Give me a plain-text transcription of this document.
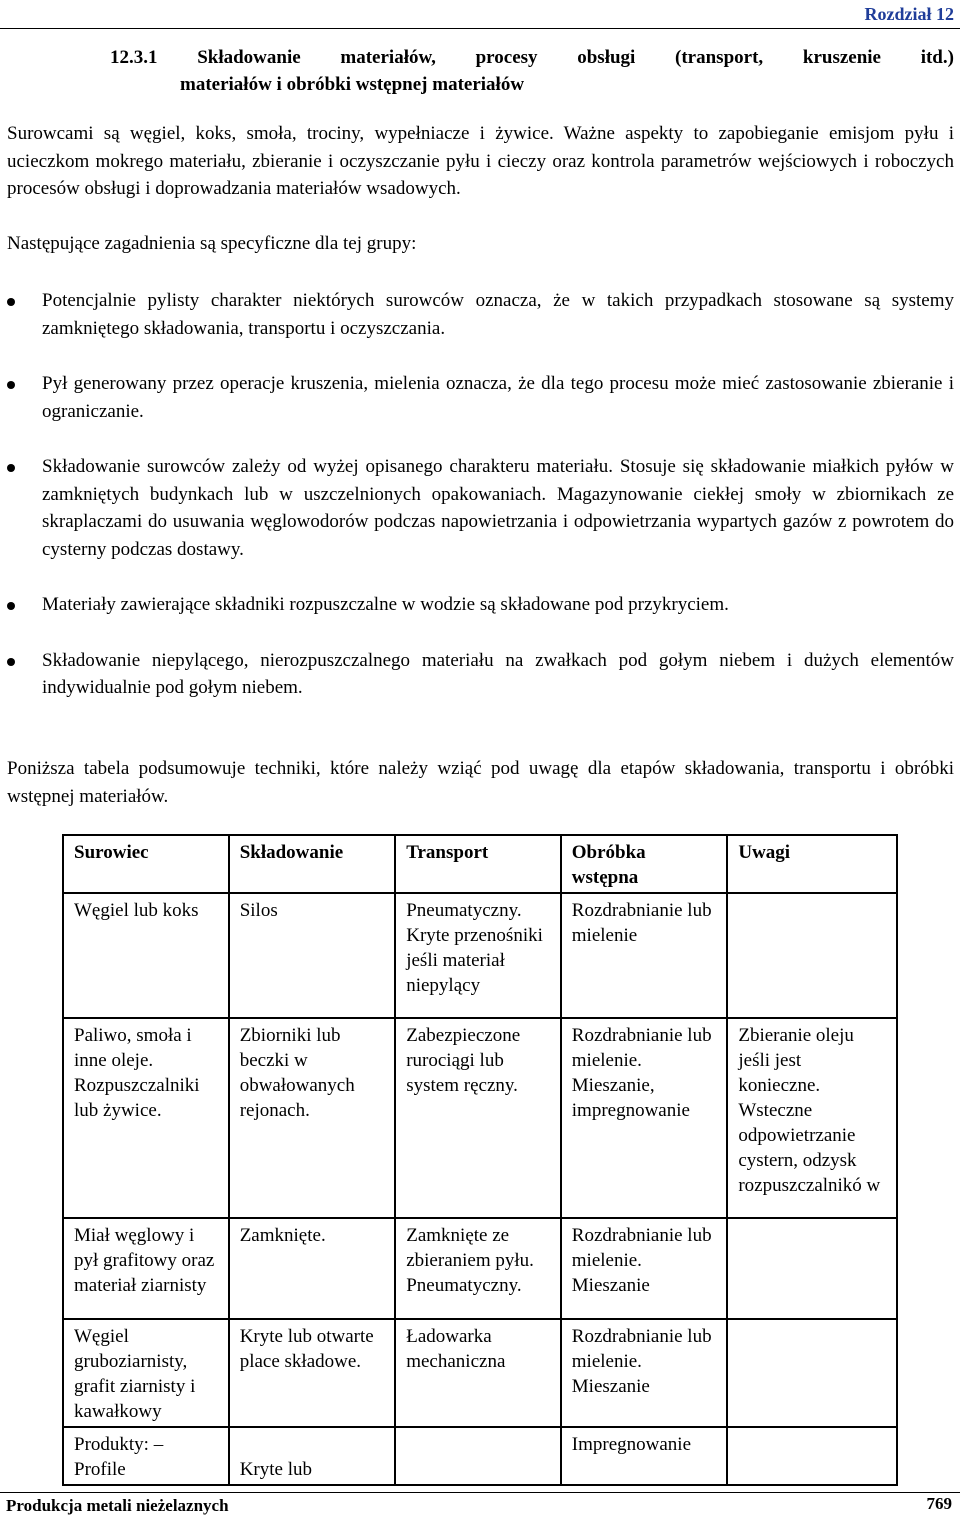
Rozdział 12
12.3.1 Składowanie materiałów, procesy obsługi (transport, kruszenie itd.)
materiałów i obróbki wstępnej materiałów

Surowcami są węgiel, koks, smoła, trociny, wypełniacze i żywice. Ważne aspekty to zapobieganie emisjom pyłu i ucieczkom mokrego materiału, zbieranie i oczyszczanie pyłu i cieczy oraz kontrola parametrów wejściowych i roboczych procesów obsługi i doprowadzania materiałów wsadowych.

Następujące zagadnienia są specyficzne dla tej grupy:

Potencjalnie pylisty charakter niektórych surowców oznacza, że w takich przypadkach stosowane są systemy zamkniętego składowania, transportu i oczyszczania.
Pył generowany przez operacje kruszenia, mielenia oznacza, że dla tego procesu może mieć zastosowanie zbieranie i ograniczanie.
Składowanie surowców zależy od wyżej opisanego charakteru materiału. Stosuje się składowanie miałkich pyłów w zamkniętych budynkach lub w uszczelnionych opakowaniach. Magazynowanie ciekłej smoły w zbiornikach ze skraplaczami do usuwania węglowodorów podczas napowietrzania i odpowietrzania wypartych gazów z powrotem do cysterny podczas dostawy.
Materiały zawierające składniki rozpuszczalne w wodzie są składowane pod przykryciem.
Składowanie niepylącego, nierozpuszczalnego materiału na zwałkach pod gołym niebem i dużych elementów indywidualnie pod gołym niebem.

Poniższa tabela podsumowuje techniki, które należy wziąć pod uwagę dla etapów składowania, transportu i obróbki wstępnej materiałów.

Surowiec	Składowanie	Transport	Obróbka wstępna	Uwagi
Węgiel lub koks	Silos	Pneumatyczny. Kryte przenośniki jeśli materiał niepylący	Rozdrabnianie lub mielenie	
Paliwo, smoła i inne oleje. Rozpuszczalniki lub żywice.	Zbiorniki lub beczki w obwałowanych rejonach.	Zabezpieczone rurociągi lub system ręczny.	Rozdrabnianie lub mielenie. Mieszanie, impregnowanie	Zbieranie oleju jeśli jest konieczne. Wsteczne odpowietrzanie cystern, odzysk rozpuszczalnikó w
Miał węglowy i pył grafitowy oraz materiał ziarnisty	Zamknięte.	Zamknięte ze zbieraniem pyłu. Pneumatyczny.	Rozdrabnianie lub mielenie. Mieszanie	
Węgiel gruboziarnisty, grafit ziarnisty i kawałkowy	Kryte lub otwarte place składowe.	Ładowarka mechaniczna	Rozdrabnianie lub mielenie. Mieszanie	
Produkty: – Profile	Kryte lub		Impregnowanie	
Produkcja metali nieżelaznych	769
